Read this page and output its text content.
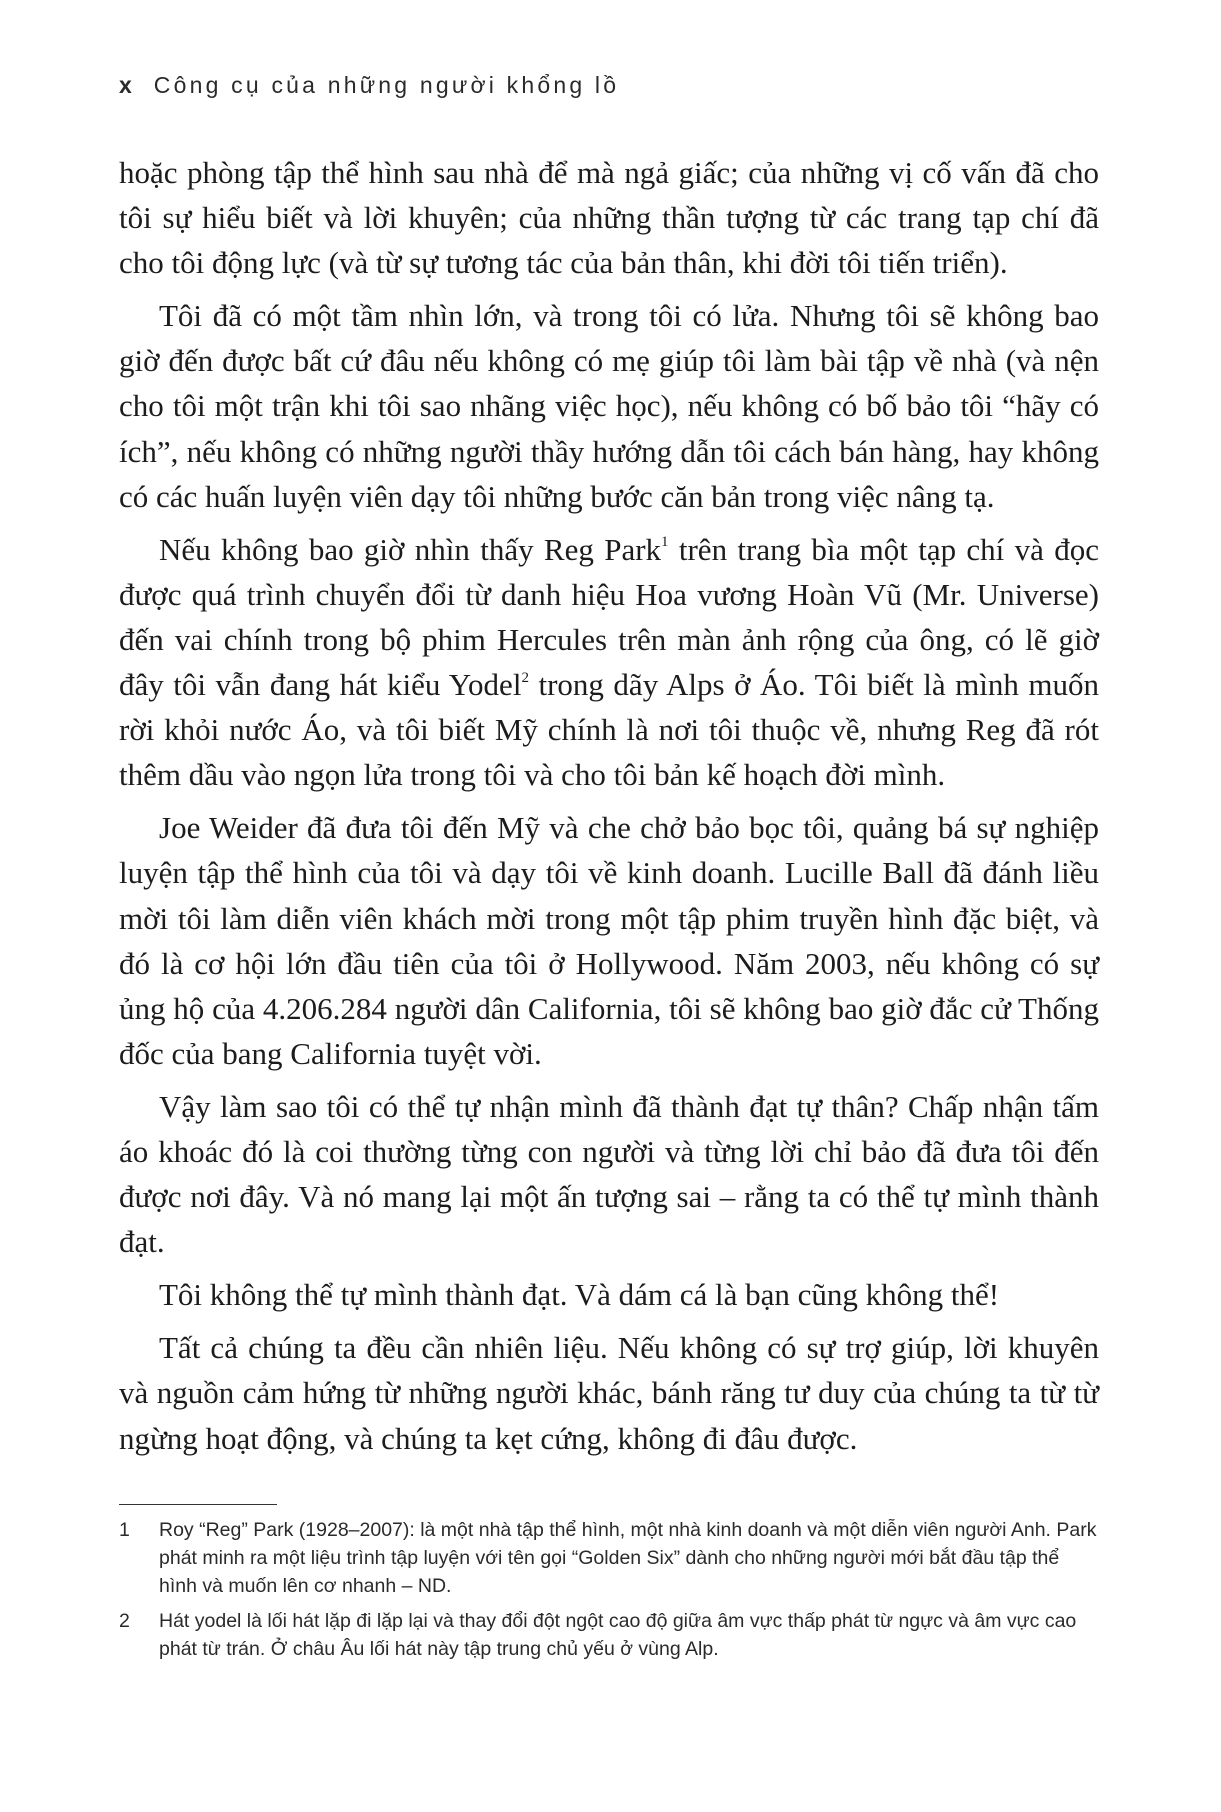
x Công cụ của những người khổng lồ

hoặc phòng tập thể hình sau nhà để mà ngả giấc; của những vị cố vấn đã cho tôi sự hiểu biết và lời khuyên; của những thần tượng từ các trang tạp chí đã cho tôi động lực (và từ sự tương tác của bản thân, khi đời tôi tiến triển).

Tôi đã có một tầm nhìn lớn, và trong tôi có lửa. Nhưng tôi sẽ không bao giờ đến được bất cứ đâu nếu không có mẹ giúp tôi làm bài tập về nhà (và nện cho tôi một trận khi tôi sao nhãng việc học), nếu không có bố bảo tôi “hãy có ích”, nếu không có những người thầy hướng dẫn tôi cách bán hàng, hay không có các huấn luyện viên dạy tôi những bước căn bản trong việc nâng tạ.

Nếu không bao giờ nhìn thấy Reg Park$^1$ trên trang bìa một tạp chí và đọc được quá trình chuyển đổi từ danh hiệu Hoa vương Hoàn Vũ (Mr. Universe) đến vai chính trong bộ phim Hercules trên màn ảnh rộng của ông, có lẽ giờ đây tôi vẫn đang hát kiểu Yodel$^2$ trong dãy Alps ở Áo. Tôi biết là mình muốn rời khỏi nước Áo, và tôi biết Mỹ chính là nơi tôi thuộc về, nhưng Reg đã rót thêm dầu vào ngọn lửa trong tôi và cho tôi bản kế hoạch đời mình.

Joe Weider đã đưa tôi đến Mỹ và che chở bảo bọc tôi, quảng bá sự nghiệp luyện tập thể hình của tôi và dạy tôi về kinh doanh. Lucille Ball đã đánh liều mời tôi làm diễn viên khách mời trong một tập phim truyền hình đặc biệt, và đó là cơ hội lớn đầu tiên của tôi ở Hollywood. Năm 2003, nếu không có sự ủng hộ của 4.206.284 người dân California, tôi sẽ không bao giờ đắc cử Thống đốc của bang California tuyệt vời.

Vậy làm sao tôi có thể tự nhận mình đã thành đạt tự thân? Chấp nhận tấm áo khoác đó là coi thường từng con người và từng lời chỉ bảo đã đưa tôi đến được nơi đây. Và nó mang lại một ấn tượng sai – rằng ta có thể tự mình thành đạt.

Tôi không thể tự mình thành đạt. Và dám cá là bạn cũng không thể!

Tất cả chúng ta đều cần nhiên liệu. Nếu không có sự trợ giúp, lời khuyên và nguồn cảm hứng từ những người khác, bánh răng tư duy của chúng ta từ từ ngừng hoạt động, và chúng ta kẹt cứng, không đi đâu được.

1	Roy “Reg” Park (1928–2007): là một nhà tập thể hình, một nhà kinh doanh và một diễn viên người Anh. Park phát minh ra một liệu trình tập luyện với tên gọi “Golden Six” dành cho những người mới bắt đầu tập thể hình và muốn lên cơ nhanh – ND.
2	Hát yodel là lối hát lặp đi lặp lại và thay đổi đột ngột cao độ giữa âm vực thấp phát từ ngực và âm vực cao phát từ trán. Ở châu Âu lối hát này tập trung chủ yếu ở vùng Alp.
